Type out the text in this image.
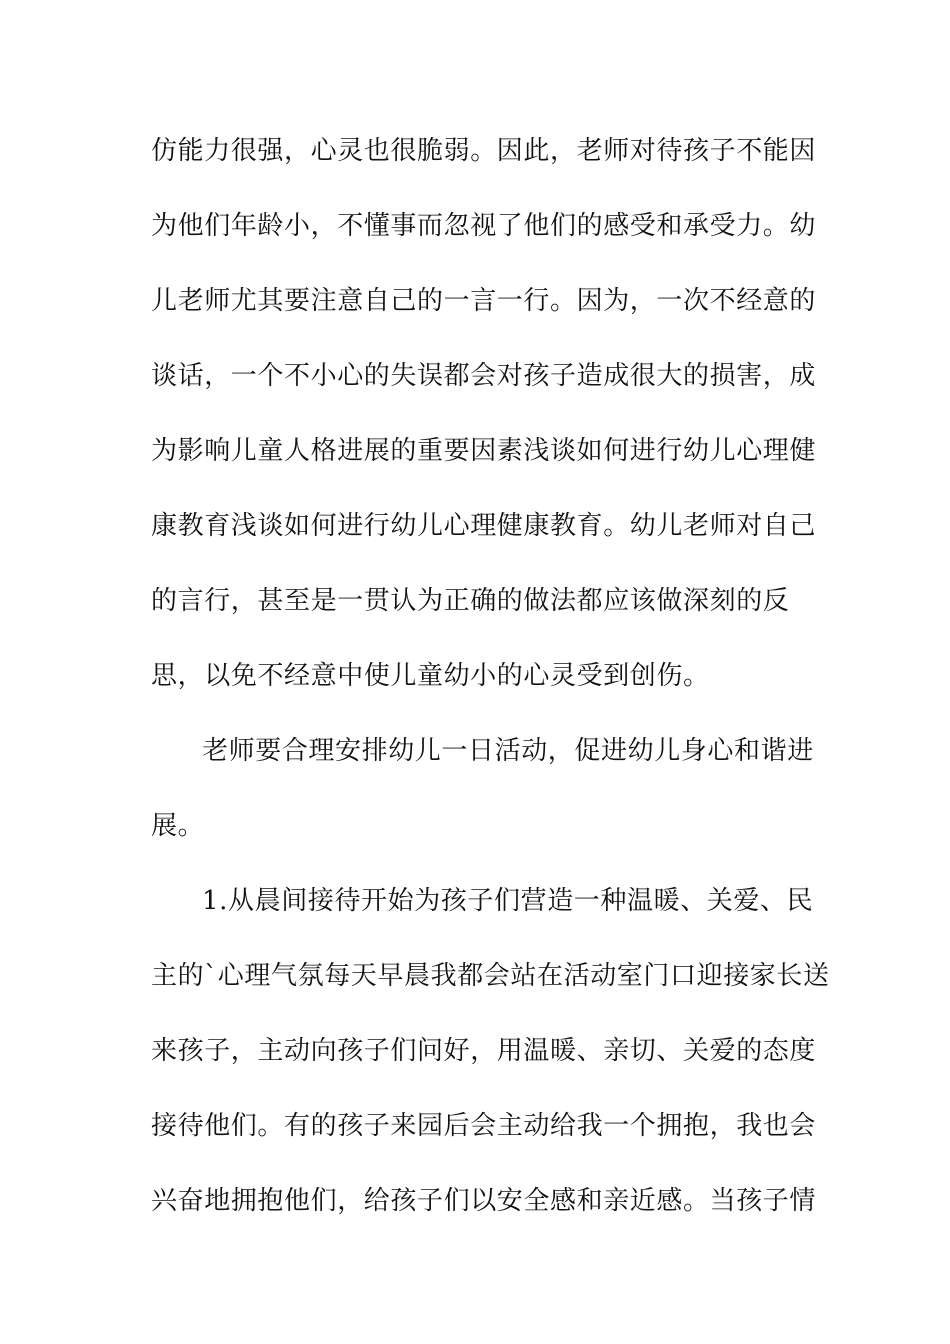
仿能力很强，心灵也很脆弱。因此，老师对待孩子不能因
为他们年龄小，不懂事而忽视了他们的感受和承受力。幼
儿老师尤其要注意自己的一言一行。因为，一次不经意的
谈话，一个不小心的失误都会对孩子造成很大的损害，成
为影响儿童人格进展的重要因素浅谈如何进行幼儿心理健
康教育浅谈如何进行幼儿心理健康教育。幼儿老师对自己
的言行，甚至是一贯认为正确的做法都应该做深刻的反
思，以免不经意中使儿童幼小的心灵受到创伤。
老师要合理安排幼儿一日活动，促进幼儿身心和谐进
展。
1.从晨间接待开始为孩子们营造一种温暖、关爱、民
主的`心理气氛每天早晨我都会站在活动室门口迎接家长送
来孩子，主动向孩子们问好，用温暖、亲切、关爱的态度
接待他们。有的孩子来园后会主动给我一个拥抱，我也会
兴奋地拥抱他们，给孩子们以安全感和亲近感。当孩子情
